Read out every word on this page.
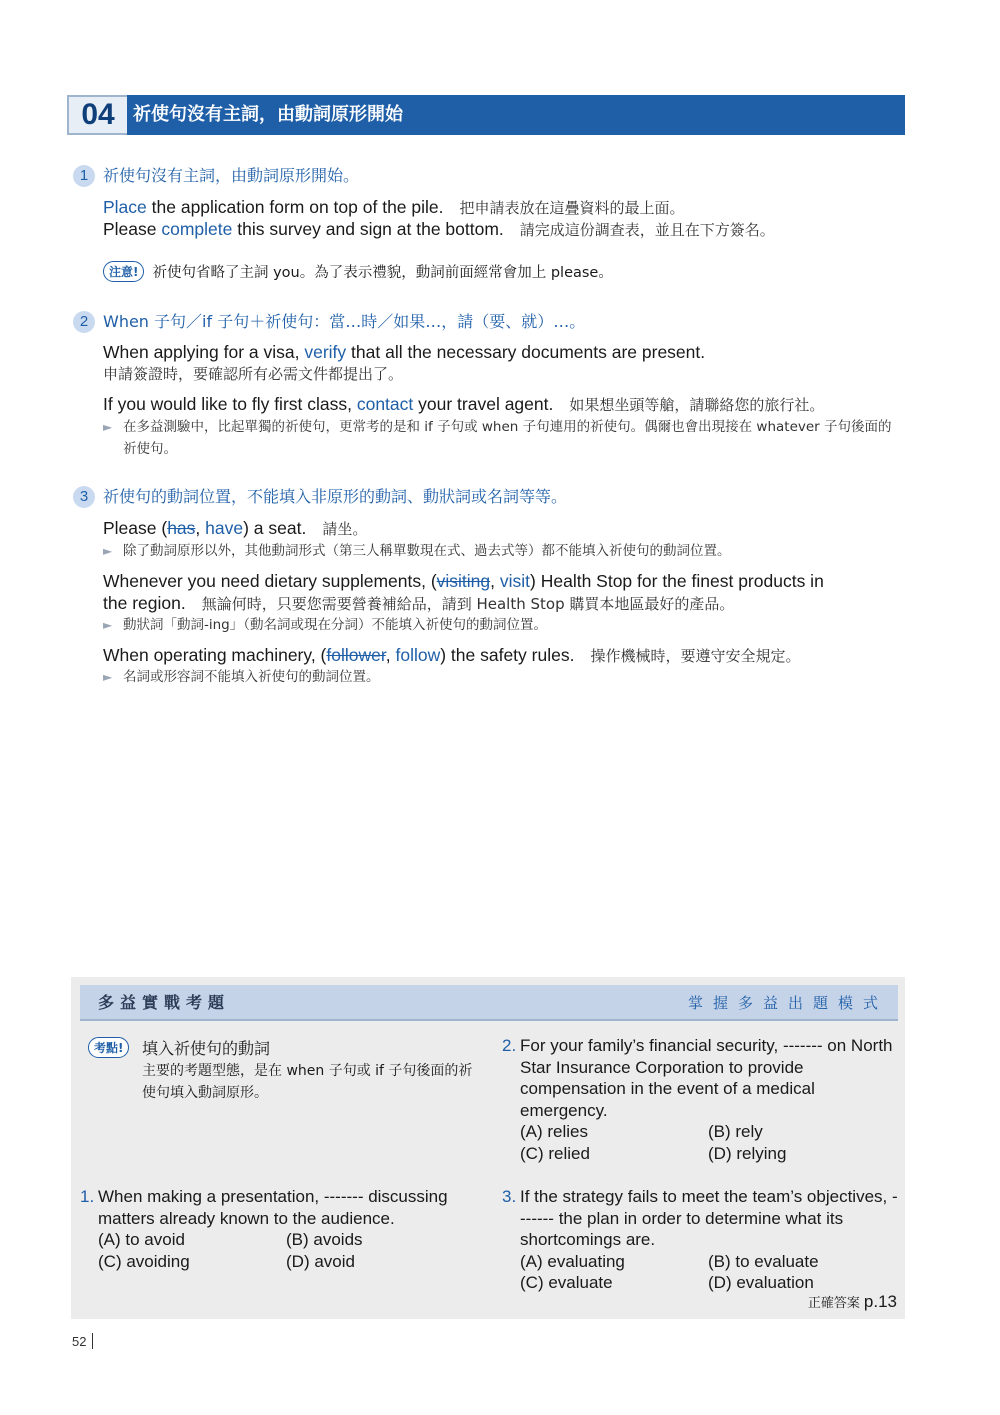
04	祈使句沒有主詞，由動詞原形開始
1 祈使句沒有主詞，由動詞原形開始。
Place the application form on top of the pile. 把申請表放在這疊資料的最上面。
Please complete this survey and sign at the bottom. 請完成這份調查表，並且在下方簽名。
注意! 祈使句省略了主詞 you。為了表示禮貌，動詞前面經常會加上 please。
2 When 子句／if 子句＋祈使句：當…時／如果…，請（要、就）…。
When applying for a visa, verify that all the necessary documents are present.
申請簽證時，要確認所有必需文件都提出了。
If you would like to fly first class, contact your travel agent. 如果想坐頭等艙，請聯絡您的旅行社。
► 在多益測驗中，比起單獨的祈使句，更常考的是和 if 子句或 when 子句連用的祈使句。偶爾也會出現接在 whatever 子句後面的祈使句。
3 祈使句的動詞位置，不能填入非原形的動詞、動狀詞或名詞等等。
Please (has, have) a seat. 請坐。
► 除了動詞原形以外，其他動詞形式（第三人稱單數現在式、過去式等）都不能填入祈使句的動詞位置。
Whenever you need dietary supplements, (visiting, visit) Health Stop for the finest products in
the region. 無論何時，只要您需要營養補給品，請到 Health Stop 購買本地區最好的產品。
► 動狀詞「動詞-ing」（動名詞或現在分詞）不能填入祈使句的動詞位置。
When operating machinery, (follower, follow) the safety rules. 操作機械時，要遵守安全規定。
► 名詞或形容詞不能填入祈使句的動詞位置。
多益實戰考題	掌握多益出題模式
考點!	填入祈使句的動詞
主要的考題型態，是在 when 子句或 if 子句後面的祈使句填入動詞原形。
1. When making a presentation, ------- discussing matters already known to the audience.
(A) to avoid	(B) avoids
(C) avoiding	(D) avoid
2. For your family’s financial security, ------- on North Star Insurance Corporation to provide compensation in the event of a medical emergency.
(A) relies	(B) rely
(C) relied	(D) relying
3. If the strategy fails to meet the team’s objectives, ------- the plan in order to determine what its shortcomings are.
(A) evaluating	(B) to evaluate
(C) evaluate	(D) evaluation
正確答案 p.13
52
